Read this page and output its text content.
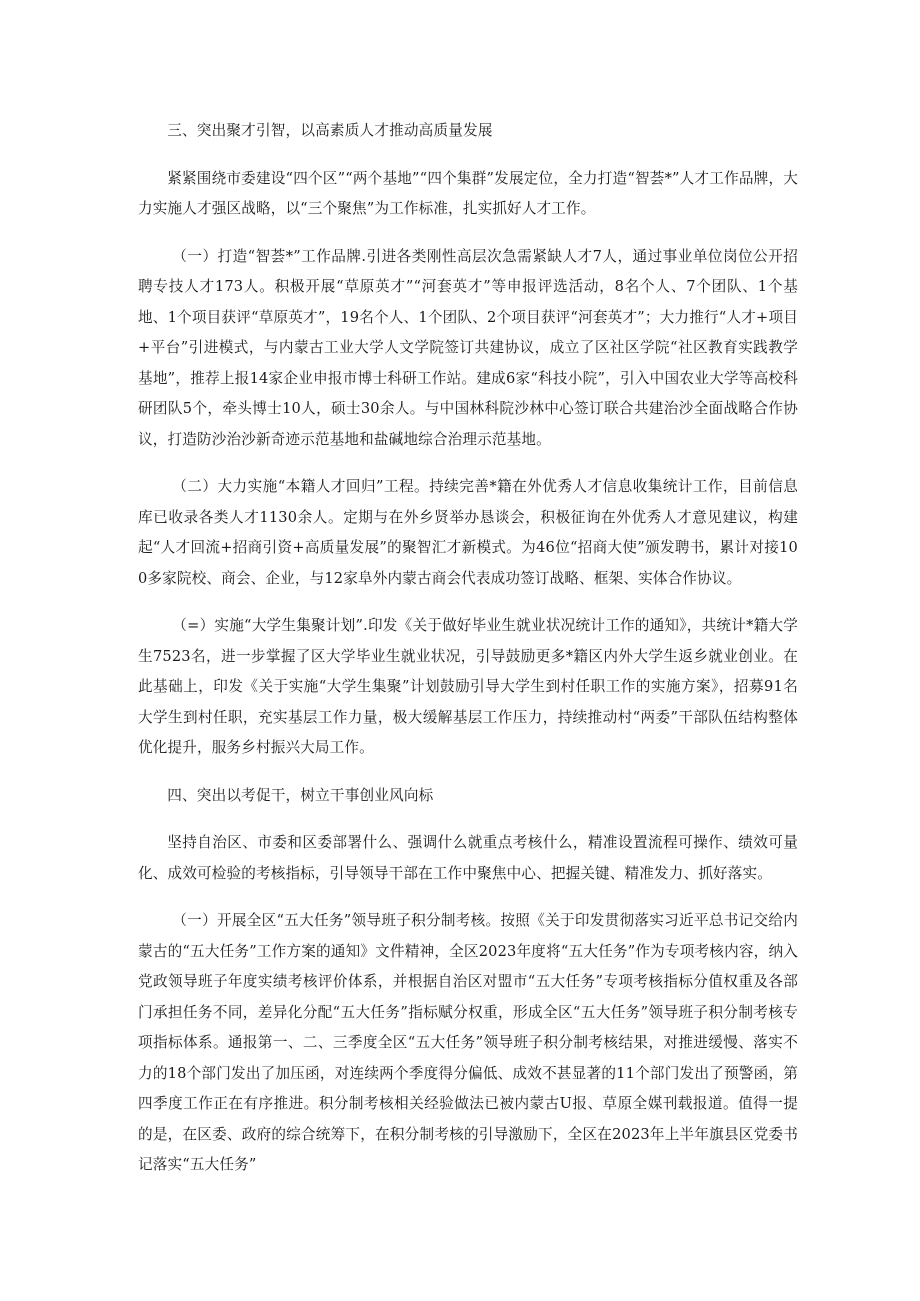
三、突出聚才引智，以高素质人才推动高质量发展

紧紧围绕市委建设“四个区”“两个基地”“四个集群”发展定位，全力打造“智荟*”人才工作品牌，大力实施人才强区战略，以“三个聚焦”为工作标准，扎实抓好人才工作。

（一）打造“智荟*”工作品牌.引进各类刚性高层次急需紧缺人才7人，通过事业单位岗位公开招聘专技人才173人。积极开展“草原英才”“河套英才”等申报评选活动，8名个人、7个团队、1个基地、1个项目获评“草原英才”，19名个人、1个团队、2个项目获评“河套英才”；大力推行“人才+项目+平台”引进模式，与内蒙古工业大学人文学院签订共建协议，成立了区社区学院“社区教育实践教学基地”，推荐上报14家企业申报市博士科研工作站。建成6家“科技小院”，引入中国农业大学等高校科研团队5个，牵头博士10人，硕士30余人。与中国林科院沙林中心签订联合共建治沙全面战略合作协议，打造防沙治沙新奇迹示范基地和盐碱地综合治理示范基地。

（二）大力实施“本籍人才回归”工程。持续完善*籍在外优秀人才信息收集统计工作，目前信息库已收录各类人才1130余人。定期与在外乡贤举办恳谈会，积极征询在外优秀人才意见建议，构建起“人才回流+招商引资+高质量发展”的聚智汇才新模式。为46位“招商大使”颁发聘书，累计对接100多家院校、商会、企业，与12家阜外内蒙古商会代表成功签订战略、框架、实体合作协议。

（=）实施“大学生集聚计划”.印发《关于做好毕业生就业状况统计工作的通知》，共统计*籍大学生7523名，进一步掌握了区大学毕业生就业状况，引导鼓励更多*籍区内外大学生返乡就业创业。在此基础上，印发《关于实施“大学生集聚”计划鼓励引导大学生到村任职工作的实施方案》，招募91名大学生到村任职，充实基层工作力量，极大缓解基层工作压力，持续推动村“两委”干部队伍结构整体优化提升，服务乡村振兴大局工作。

四、突出以考促干，树立干事创业风向标

坚持自治区、市委和区委部署什么、强调什么就重点考核什么，精准设置流程可操作、绩效可量化、成效可检验的考核指标，引导领导干部在工作中聚焦中心、把握关键、精准发力、抓好落实。

（一）开展全区“五大任务”领导班子积分制考核。按照《关于印发贯彻落实习近平总书记交给内蒙古的“五大任务”工作方案的通知》文件精神，全区2023年度将“五大任务”作为专项考核内容，纳入党政领导班子年度实绩考核评价体系，并根据自治区对盟市“五大任务”专项考核指标分值权重及各部门承担任务不同，差异化分配“五大任务”指标赋分权重，形成全区“五大任务”领导班子积分制考核专项指标体系。通报第一、二、三季度全区“五大任务”领导班子积分制考核结果，对推进缓慢、落实不力的18个部门发出了加压函，对连续两个季度得分偏低、成效不甚显著的11个部门发出了预警函，第四季度工作正在有序推进。积分制考核相关经验做法已被内蒙古U报、草原全媒刊载报道。值得一提的是，在区委、政府的综合统筹下，在积分制考核的引导激励下，全区在2023年上半年旗县区党委书记落实“五大任务”
